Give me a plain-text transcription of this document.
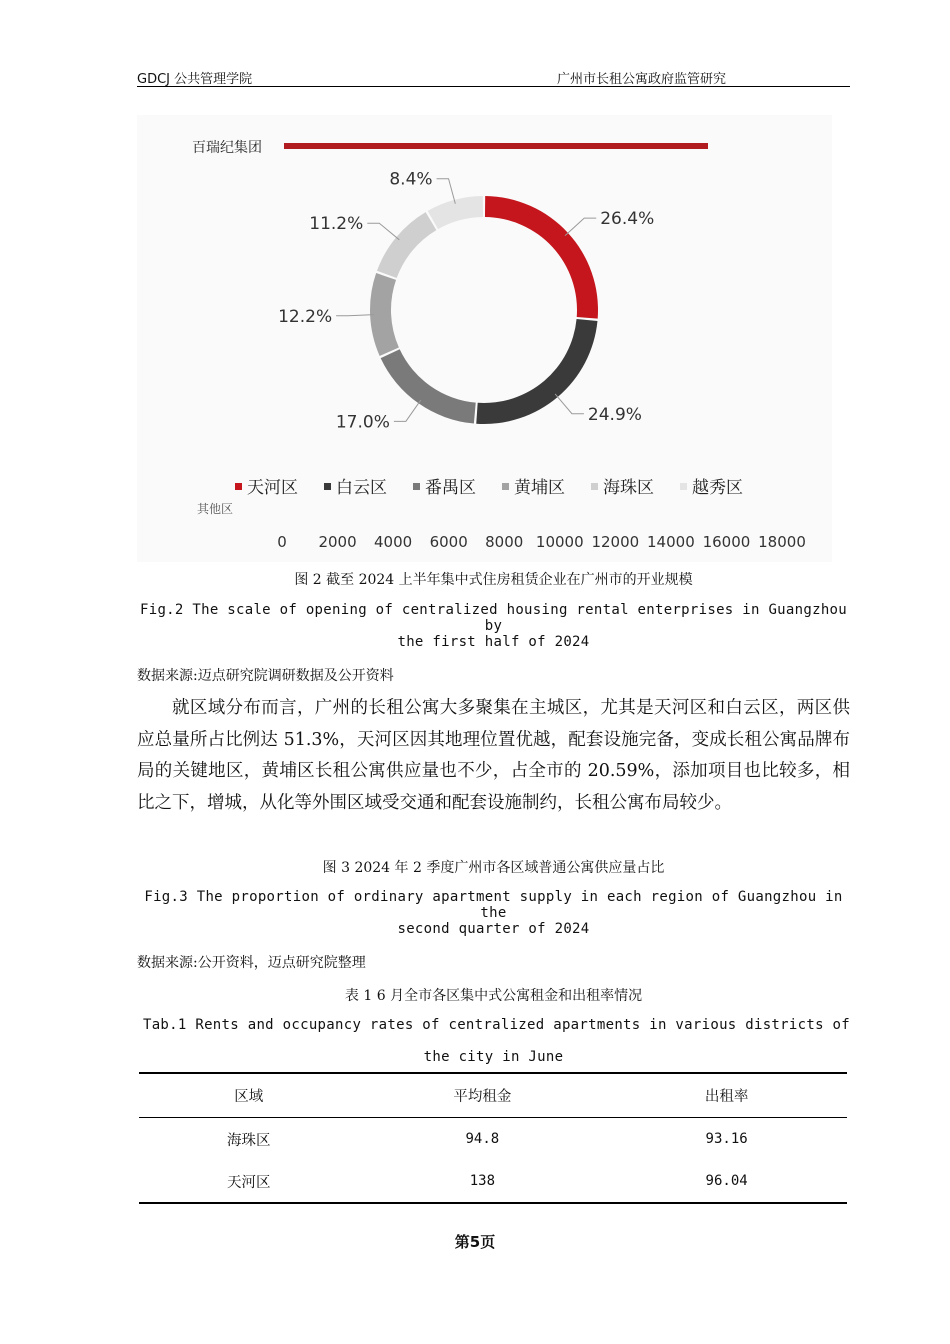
GDCJ 公共管理学院	广州市长租公寓政府监管研究
百瑞纪集团
26.4%
24.9%
17.0%
12.2%
11.2%
8.4%
天河区 白云区 番禺区 黄埔区 海珠区 越秀区
其他区
0 2000 4000 6000 8000 10000 12000 14000 16000 18000
图 2 截至 2024 上半年集中式住房租赁企业在广州市的开业规模
Fig.2 The scale of opening of centralized housing rental enterprises in Guangzhou by
the first half of 2024
数据来源:迈点研究院调研数据及公开资料
就区域分布而言，广州的长租公寓大多聚集在主城区，尤其是天河区和白云区，两区供应总量所占比例达 51.3%，天河区因其地理位置优越，配套设施完备，变成长租公寓品牌布局的关键地区，黄埔区长租公寓供应量也不少，占全市的 20.59%，添加项目也比较多，相比之下，增城，从化等外围区域受交通和配套设施制约，长租公寓布局较少。
图 3 2024 年 2 季度广州市各区域普通公寓供应量占比
Fig.3 The proportion of ordinary apartment supply in each region of Guangzhou in the
second quarter of 2024
数据来源:公开资料，迈点研究院整理
表 1 6 月全市各区集中式公寓租金和出租率情况
Tab.1 Rents and occupancy rates of centralized apartments in various districts of
the city in June
区域	平均租金	出租率
海珠区	94.8	93.16
天河区	138	96.04
第5页
